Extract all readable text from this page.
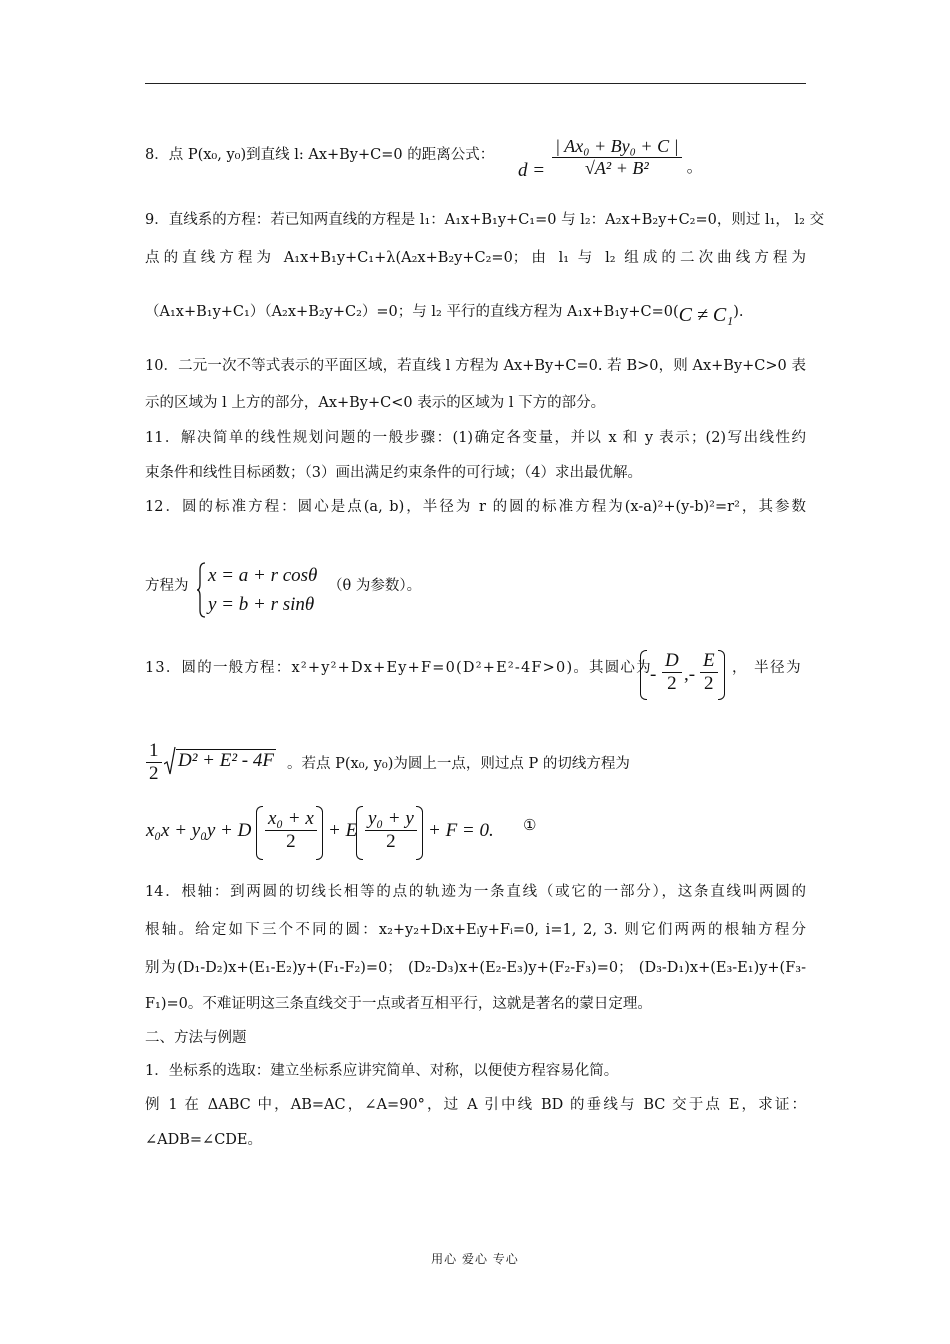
8．点 P(x₀, y₀)到直线 l: Ax+By+C=0 的距离公式：
$d = \frac{\text{| Ax₀ + By₀ + C |}}{\text{√A² + B²}}$ 。
9．直线系的方程：若已知两直线的方程是 l₁：A₁x+B₁y+C₁=0 与 l₂：A₂x+B₂y+C₂=0，则过 l₁， l₂ 交
点的直线方程为 A₁x+B₁y+C₁+λ(A₂x+B₂y+C₂=0；由 l₁ 与 l₂ 组成的二次曲线方程为
（A₁x+B₁y+C₁）（A₂x+B₂y+C₂）=0；与 l₂ 平行的直线方程为 A₁x+B₁y+C=0(C ≠ C₁).
10．二元一次不等式表示的平面区域，若直线 l 方程为 Ax+By+C=0. 若 B>0，则 Ax+By+C>0 表
示的区域为 l 上方的部分，Ax+By+C<0 表示的区域为 l 下方的部分。
11．解决简单的线性规划问题的一般步骤：(1)确定各变量，并以 x 和 y 表示；(2)写出线性约
束条件和线性目标函数；（3）画出满足约束条件的可行域；（4）求出最优解。
12．圆的标准方程：圆心是点(a, b)，半径为 r 的圆的标准方程为(x-a)²+(y-b)²=r²，其参数
方程为 x = a + r cosθ
y = b + r sinθ
（θ 为参数）。
13．圆的一般方程：x²+y²+Dx+Ey+F=0(D²+E²-4F>0)。其圆心为
- $\frac{D}{2}$ ,- $\frac{E}{2}$ ， 半径为
$\frac{1}{2} D^2 + E^2 - 4F$ 。若点 P(x₀, y₀)为圆上一点，则过点 P 的切线方程为
x₀x + y₀y + D $\frac{\text{x₀ + x}}{2} + E \frac{\text{y₀ + y}}{2} + F = 0$. ①
14．根轴：到两圆的切线长相等的点的轨迹为一条直线（或它的一部分），这条直线叫两圆的
根轴。给定如下三个不同的圆：x₂+y₂+Dᵢx+Eᵢy+Fᵢ=0, i=1, 2, 3. 则它们两两的根轴方程分
别为(D₁-D₂)x+(E₁-E₂)y+(F₁-F₂)=0； (D₂-D₃)x+(E₂-E₃)y+(F₂-F₃)=0； (D₃-D₁)x+(E₃-E₁)y+(F₃-
F₁)=0。不难证明这三条直线交于一点或者互相平行，这就是著名的蒙日定理。
二、方法与例题
1．坐标系的选取：建立坐标系应讲究简单、对称，以便使方程容易化简。
例 1 在 ΔABC 中，AB=AC，∠A=90°，过 A 引中线 BD 的垂线与 BC 交于点 E，求证：
∠ADB=∠CDE。
用心 爱心 专心
